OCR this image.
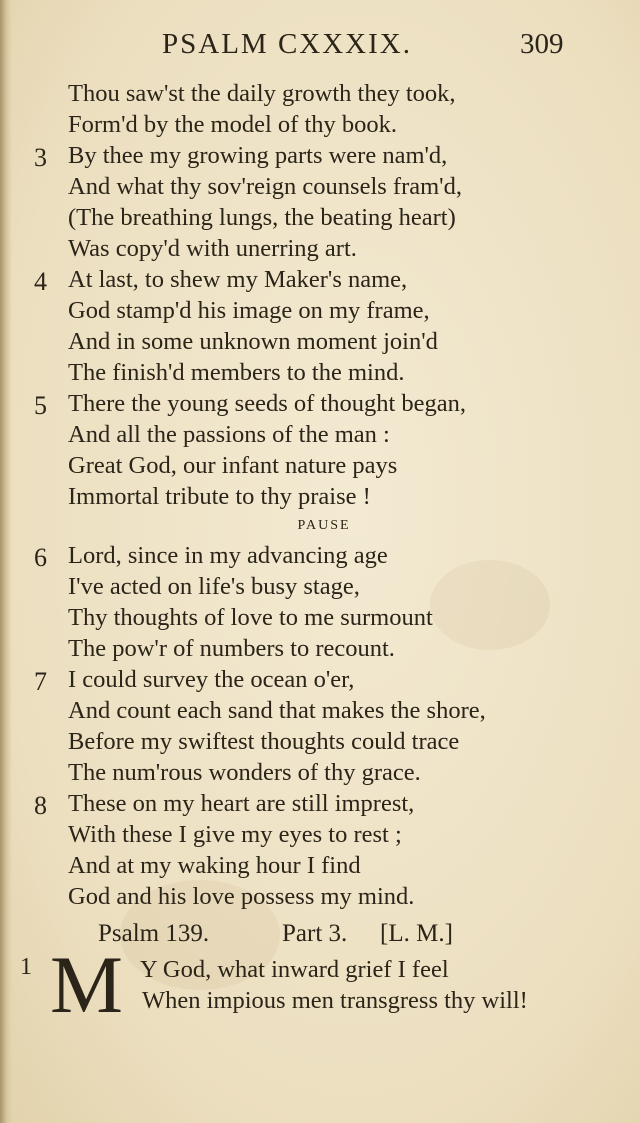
PSALM CXXXIX.	309
Thou saw'st the daily growth they took,
Form'd by the model of thy book.
3 By thee my growing parts were nam'd,
And what thy sov'reign counsels fram'd,
(The breathing lungs, the beating heart)
Was copy'd with unerring art.
4 At last, to shew my Maker's name,
God stamp'd his image on my frame,
And in some unknown moment join'd
The finish'd members to the mind.
5 There the young seeds of thought began,
And all the passions of the man :
Great God, our infant nature pays
Immortal tribute to thy praise !
PAUSE
6 Lord, since in my advancing age
I've acted on life's busy stage,
Thy thoughts of love to me surmount
The pow'r of numbers to recount.
7 I could survey the ocean o'er,
And count each sand that makes the shore,
Before my swiftest thoughts could trace
The num'rous wonders of thy grace.
8 These on my heart are still imprest,
With these I give my eyes to rest ;
And at my waking hour I find
God and his love possess my mind.
Psalm 139.	Part 3. [L. M.]
1 M Y God, what inward grief I feel
When impious men transgress thy will!
